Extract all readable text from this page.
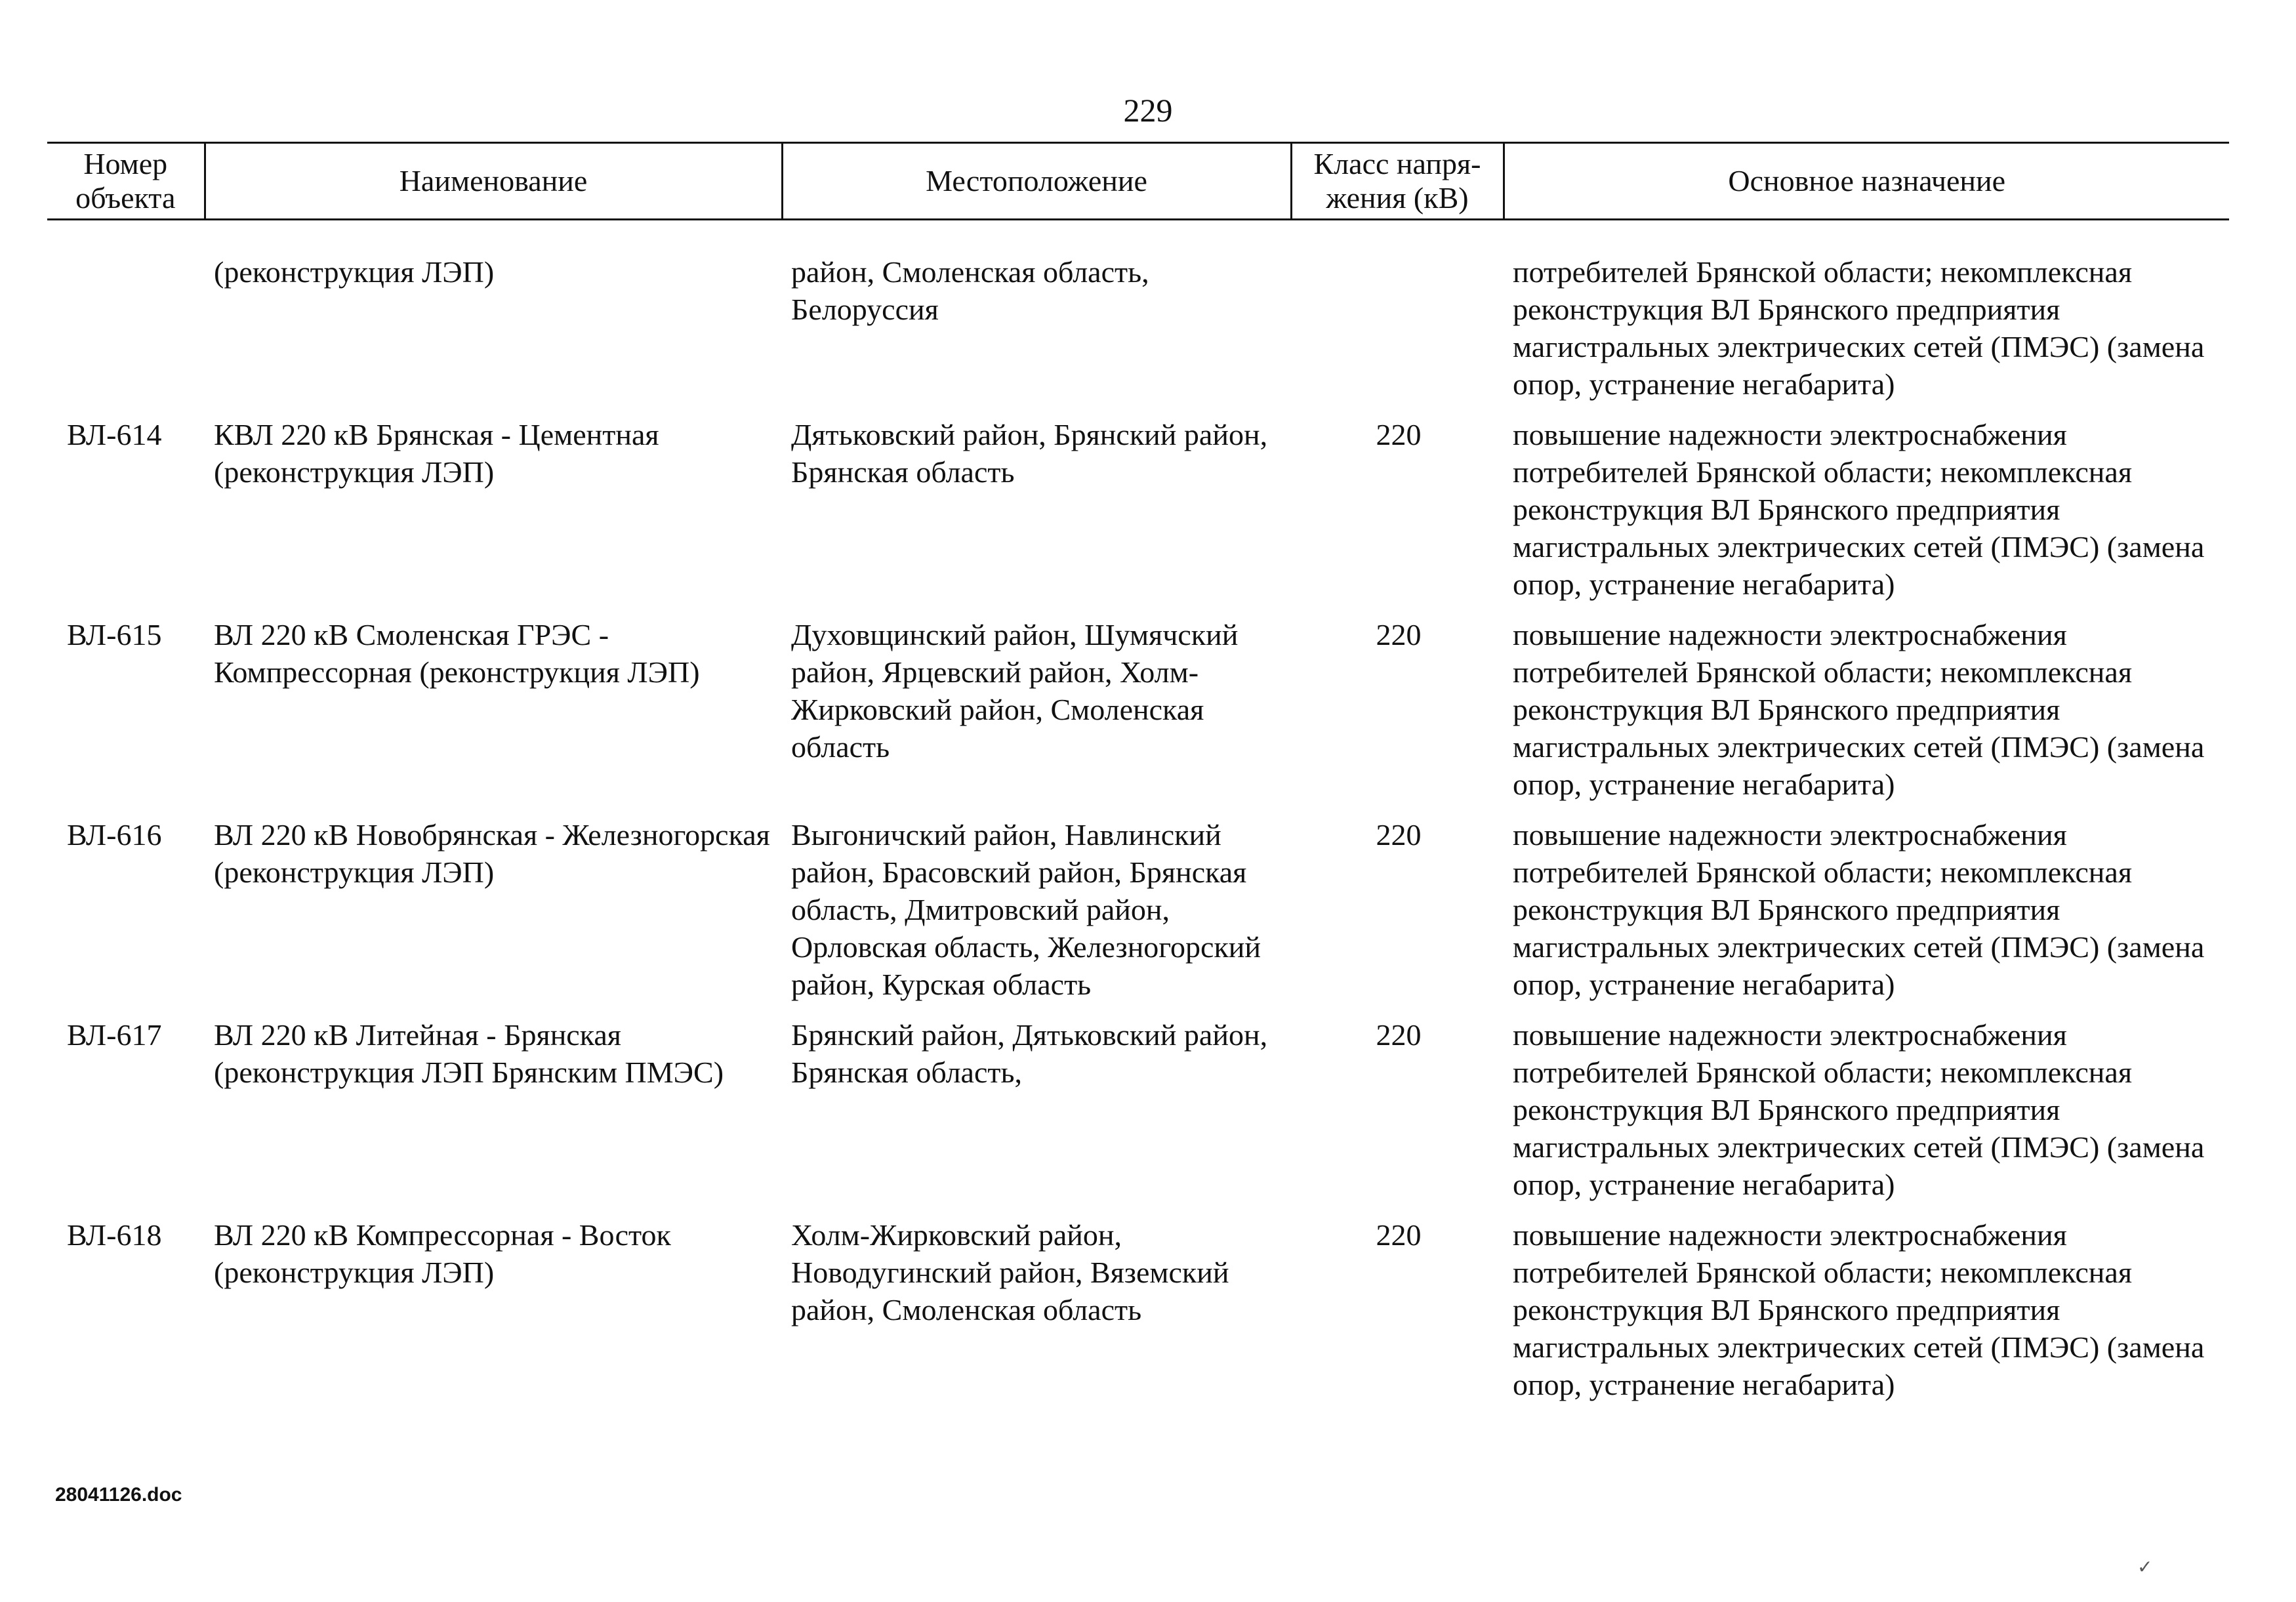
229
Номер объекта	Наименование	Местоположение	Класс напря-жения (кВ)	Основное назначение

	(реконструкция ЛЭП)	район, Смоленская область, Белоруссия		потребителей Брянской области; некомплексная реконструкция ВЛ Брянского предприятия магистральных электрических сетей (ПМЭС) (замена опор, устранение негабарита)
ВЛ-614	КВЛ 220 кВ Брянская - Цементная (реконструкция ЛЭП)	Дятьковский район, Брянский район, Брянская область	220	повышение надежности электроснабжения потребителей Брянской области; некомплексная реконструкция ВЛ Брянского предприятия магистральных электрических сетей (ПМЭС) (замена опор, устранение негабарита)
ВЛ-615	ВЛ 220 кВ Смоленская ГРЭС - Компрессорная (реконструкция ЛЭП)	Духовщинский район, Шумячский район, Ярцевский район, Холм-Жирковский район, Смоленская область	220	повышение надежности электроснабжения потребителей Брянской области; некомплексная реконструкция ВЛ Брянского предприятия магистральных электрических сетей (ПМЭС) (замена опор, устранение негабарита)
ВЛ-616	ВЛ 220 кВ Новобрянская - Железногорская (реконструкция ЛЭП)	Выгоничский район, Навлинский район, Брасовский район, Брянская область, Дмитровский район, Орловская область, Железногорский район, Курская область	220	повышение надежности электроснабжения потребителей Брянской области; некомплексная реконструкция ВЛ Брянского предприятия магистральных электрических сетей (ПМЭС) (замена опор, устранение негабарита)
ВЛ-617	ВЛ 220 кВ Литейная - Брянская (реконструкция ЛЭП Брянским ПМЭС)	Брянский район, Дятьковский район, Брянская область,	220	повышение надежности электроснабжения потребителей Брянской области; некомплексная реконструкция ВЛ Брянского предприятия магистральных электрических сетей (ПМЭС) (замена опор, устранение негабарита)
ВЛ-618	ВЛ 220 кВ Компрессорная - Восток (реконструкция ЛЭП)	Холм-Жирковский район, Новодугинский район, Вяземский район, Смоленская область	220	повышение надежности электроснабжения потребителей Брянской области; некомплексная реконструкция ВЛ Брянского предприятия магистральных электрических сетей (ПМЭС) (замена опор, устранение негабарита)
28041126.doc
✓
